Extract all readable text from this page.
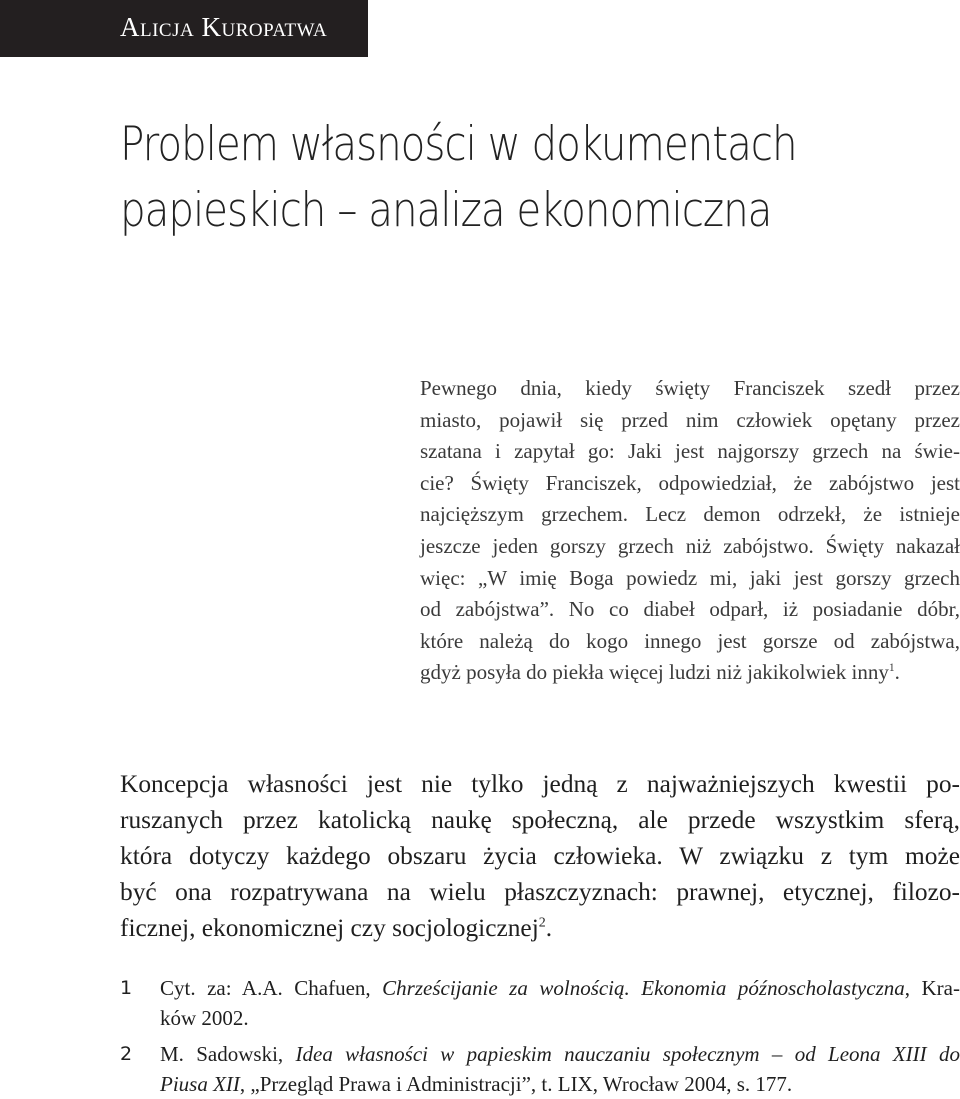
Alicja Kuropatwa
Problem własności w dokumentach
papieskich – analiza ekonomiczna
Pewnego dnia, kiedy święty Franciszek szedł przez
miasto, pojawił się przed nim człowiek opętany przez
szatana i zapytał go: Jaki jest najgorszy grzech na świe-
cie? Święty Franciszek, odpowiedział, że zabójstwo jest
najcięższym grzechem. Lecz demon odrzekł, że istnieje
jeszcze jeden gorszy grzech niż zabójstwo. Święty nakazał
więc: „W imię Boga powiedz mi, jaki jest gorszy grzech
od zabójstwa”. No co diabeł odparł, iż posiadanie dóbr,
które należą do kogo innego jest gorsze od zabójstwa,
gdyż posyła do piekła więcej ludzi niż jakikolwiek inny$^1$.
Koncepcja własności jest nie tylko jedną z najważniejszych kwestii po-
ruszanych przez katolicką naukę społeczną, ale przede wszystkim sferą,
która dotyczy każdego obszaru życia człowieka. W związku z tym może
być ona rozpatrywana na wielu płaszczyznach: prawnej, etycznej, filozo-
ficznej, ekonomicznej czy socjologicznej$^2$.
1 Cyt. za: A.A. Chafuen, Chrześcijanie za wolnością. Ekonomia późnoscholastyczna, Kra-
ków 2002.
2 M. Sadowski, Idea własności w papieskim nauczaniu społecznym – od Leona XIII do
Piusa XII, „Przegląd Prawa i Administracji”, t. LIX, Wrocław 2004, s. 177.
